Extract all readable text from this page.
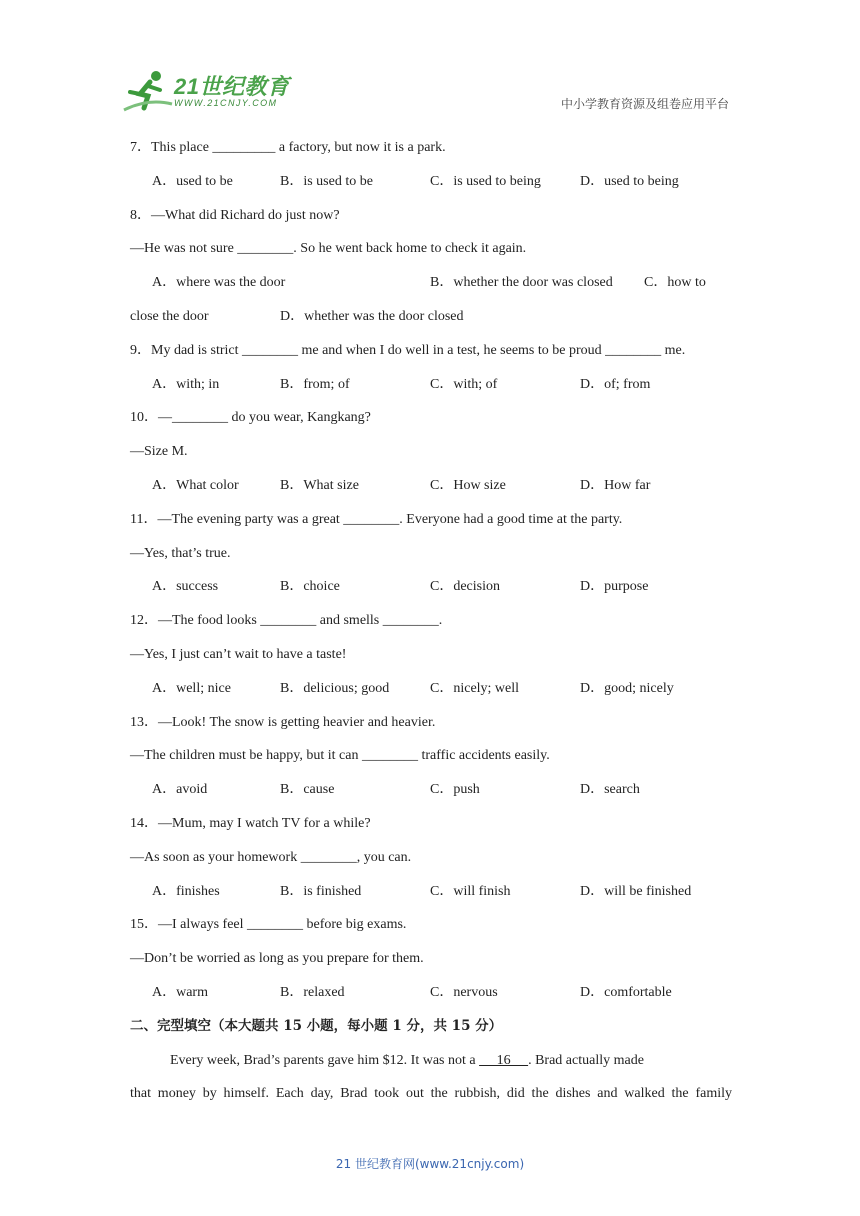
21世纪教育
WWW.21CNJY.COM	中小学教育资源及组卷应用平台
7．This place _________ a factory, but now it is a park.
A．used to be	B．is used to be	C．is used to being	D．used to being
8．—What did Richard do just now?
—He was not sure ________. So he went back home to check it again.
A．where was the door	B．whether the door was closed C．how to
close the door	D．whether was the door closed
9．My dad is strict ________ me and when I do well in a test, he seems to be proud ________ me.
A．with; in	B．from; of	C．with; of	D．of; from
10．—________ do you wear, Kangkang?
—Size M.
A．What color	B．What size	C．How size	D．How far
11．—The evening party was a great ________. Everyone had a good time at the party.
—Yes, that’s true.
A．success	B．choice	C．decision	D．purpose
12．—The food looks ________ and smells ________.
—Yes, I just can’t wait to have a taste!
A．well; nice	B．delicious; good	C．nicely; well	D．good; nicely
13．—Look! The snow is getting heavier and heavier.
—The children must be happy, but it can ________ traffic accidents easily.
A．avoid	B．cause	C．push	D．search
14．—Mum, may I watch TV for a while?
—As soon as your homework ________, you can.
A．finishes	B．is finished	C．will finish	D．will be finished
15．—I always feel ________ before big exams.
—Don’t be worried as long as you prepare for them.
A．warm	B．relaxed	C．nervous	D．comfortable
二、完型填空（本大题共 15 小题，每小题 1 分，共 15 分）
Every week, Brad’s parents gave him $12. It was not a      16     . Brad actually made
that money by himself. Each day, Brad took out the rubbish, did the dishes and walked the family
21 世纪教育网(www.21cnjy.com)
